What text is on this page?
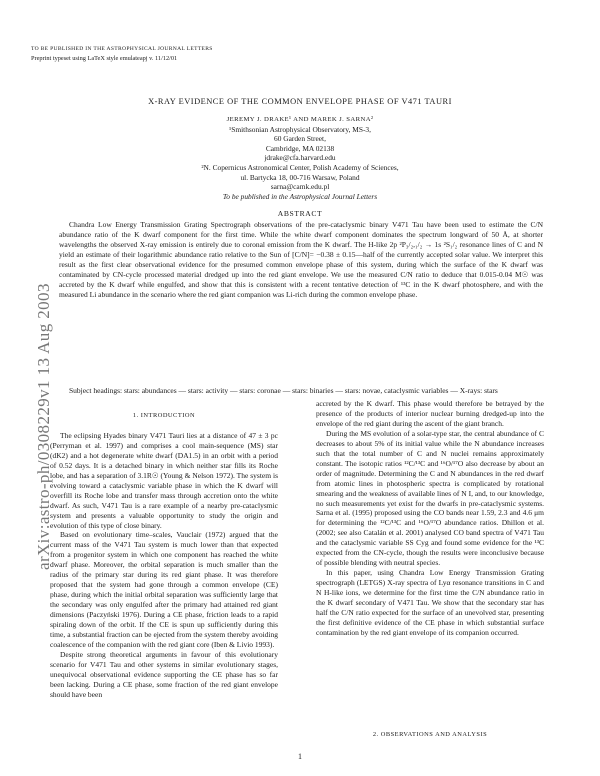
TO BE PUBLISHED IN THE ASTROPHYSICAL JOURNAL LETTERS
Preprint typeset using LaTeX style emulateapj v. 11/12/01
arXiv:astro-ph/0308229v1 13 Aug 2003
X-RAY EVIDENCE OF THE COMMON ENVELOPE PHASE OF V471 TAURI
JEREMY J. DRAKE¹ AND MAREK J. SARNA²
¹Smithsonian Astrophysical Observatory, MS-3,
60 Garden Street,
Cambridge, MA 02138
jdrake@cfa.harvard.edu
²N. Copernicus Astronomical Center, Polish Academy of Sciences,
ul. Bartycka 18, 00-716 Warsaw, Poland
sarna@camk.edu.pl
To be published in the Astrophysical Journal Letters
ABSTRACT
Chandra Low Energy Transmission Grating Spectrograph observations of the pre-cataclysmic binary V471 Tau have been used to estimate the C/N abundance ratio of the K dwarf component for the first time. While the white dwarf component dominates the spectrum longward of 50 Å, at shorter wavelengths the observed X-ray emission is entirely due to coronal emission from the K dwarf. The H-like 2p ²P₃/₂,₁/₂ → 1s ²S₁/₂ resonance lines of C and N yield an estimate of their logarithmic abundance ratio relative to the Sun of [C/N]= −0.38 ± 0.15—half of the currently accepted solar value. We interpret this result as the first clear observational evidence for the presumed common envelope phase of this system, during which the surface of the K dwarf was contaminated by CN-cycle processed material dredged up into the red giant envelope. We use the measured C/N ratio to deduce that 0.015-0.04 M☉ was accreted by the K dwarf while engulfed, and show that this is consistent with a recent tentative detection of ¹³C in the K dwarf photosphere, and with the measured Li abundance in the scenario where the red giant companion was Li-rich during the common envelope phase.
Subject headings: stars: abundances — stars: activity — stars: coronae — stars: binaries — stars: novae, cataclysmic variables — X-rays: stars
1. INTRODUCTION

The eclipsing Hyades binary V471 Tauri lies at a distance of 47 ± 3 pc (Perryman et al. 1997) and comprises a cool main-sequence (MS) star (dK2) and a hot degenerate white dwarf (DA1.5) in an orbit with a period of 0.52 days. It is a detached binary in which neither star fills its Roche lobe, and has a separation of 3.1R☉ (Young & Nelson 1972). The system is evolving toward a cataclysmic variable phase in which the K dwarf will overfill its Roche lobe and transfer mass through accretion onto the white dwarf. As such, V471 Tau is a rare example of a nearby pre-cataclysmic system and presents a valuable opportunity to study the origin and evolution of this type of close binary.

Based on evolutionary time–scales, Vauclair (1972) argued that the current mass of the V471 Tau system is much lower than that expected from a progenitor system in which one component has reached the white dwarf phase. Moreover, the orbital separation is much smaller than the radius of the primary star during its red giant phase. It was therefore proposed that the system had gone through a common envelope (CE) phase, during which the initial orbital separation was sufficiently large that the secondary was only engulfed after the primary had attained red giant dimensions (Paczyński 1976). During a CE phase, friction leads to a rapid spiraling down of the orbit. If the CE is spun up sufficiently during this time, a substantial fraction can be ejected from the system thereby avoiding coalescence of the companion with the red giant core (Iben & Livio 1993).

Despite strong theoretical arguments in favour of this evolutionary scenario for V471 Tau and other systems in similar evolutionary stages, unequivocal observational evidence supporting the CE phase has so far been lacking. During a CE phase, some fraction of the red giant envelope should have been

accreted by the K dwarf. This phase would therefore be betrayed by the presence of the products of interior nuclear burning dredged-up into the envelope of the red giant during the ascent of the giant branch.

During the MS evolution of a solar-type star, the central abundance of C decreases to about 5% of its initial value while the N abundance increases such that the total number of C and N nuclei remains approximately constant. The isotopic ratios ¹²C/¹³C and ¹⁶O/¹⁷O also decrease by about an order of magnitude. Determining the C and N abundances in the red dwarf from atomic lines in photospheric spectra is complicated by rotational smearing and the weakness of available lines of N I, and, to our knowledge, no such measurements yet exist for the dwarfs in pre-cataclysmic systems. Sarna et al. (1995) proposed using the CO bands near 1.59, 2.3 and 4.6 μm for determining the ¹²C/¹³C and ¹⁶O/¹⁷O abundance ratios. Dhillon et al. (2002; see also Catalán et al. 2001) analysed CO band spectra of V471 Tau and the cataclysmic variable SS Cyg and found some evidence for the ¹³C expected from the CN-cycle, though the results were inconclusive because of possible blending with neutral species.

In this paper, using Chandra Low Energy Transmission Grating spectrograph (LETGS) X-ray spectra of Lyα resonance transitions in C and N H-like ions, we determine for the first time the C/N abundance ratio in the K dwarf secondary of V471 Tau. We show that the secondary star has half the C/N ratio expected for the surface of an unevolved star, presenting the first definitive evidence of the CE phase in which substantial surface contamination by the red giant envelope of its companion occurred.

2. OBSERVATIONS AND ANALYSIS
1
